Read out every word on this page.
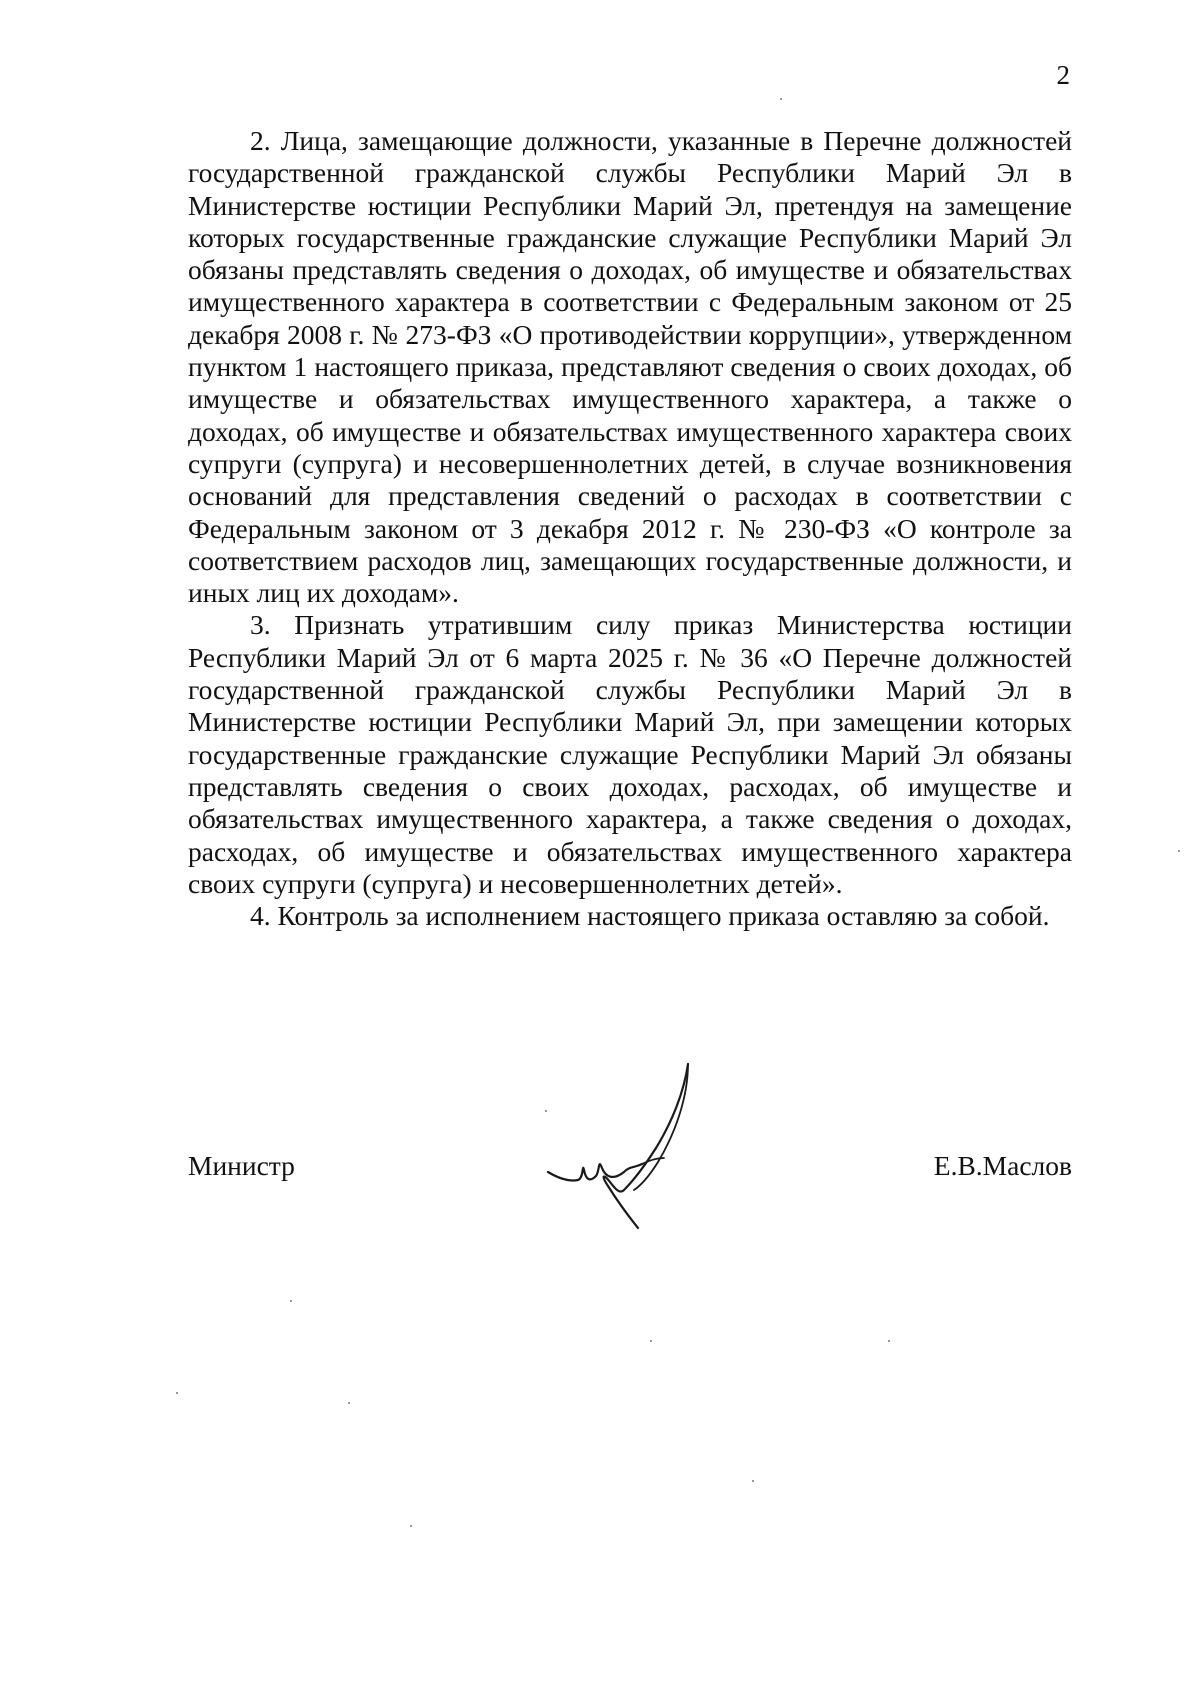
2

2. Лица, замещающие должности, указанные в Перечне должностей государственной гражданской службы Республики Марий Эл в Министерстве юстиции Республики Марий Эл, претендуя на замещение которых государственные гражданские служащие Республики Марий Эл обязаны представлять сведения о доходах, об имуществе и обязательствах имущественного характера в соответствии с Федеральным законом от 25 декабря 2008 г. № 273-ФЗ «О противодействии коррупции», утвержденном пунктом 1 настоящего приказа, представляют сведения о своих доходах, об имуществе и обязательствах имущественного характера, а также о доходах, об имуществе и обязательствах имущественного характера своих супруги (супруга) и несовершеннолетних детей, в случае возникновения оснований для представления сведений о расходах в соответствии с Федеральным законом от 3 декабря 2012 г. № 230-ФЗ «О контроле за соответствием расходов лиц, замещающих государственные должности, и иных лиц их доходам».

3. Признать утратившим силу приказ Министерства юстиции Республики Марий Эл от 6 марта 2025 г. № 36 «О Перечне должностей государственной гражданской службы Республики Марий Эл в Министерстве юстиции Республики Марий Эл, при замещении которых государственные гражданские служащие Республики Марий Эл обязаны представлять сведения о своих доходах, расходах, об имуществе и обязательствах имущественного характера, а также сведения о доходах, расходах, об имуществе и обязательствах имущественного характера своих супруги (супруга) и несовершеннолетних детей».

4. Контроль за исполнением настоящего приказа оставляю за собой.

Министр	Е.В.Маслов
